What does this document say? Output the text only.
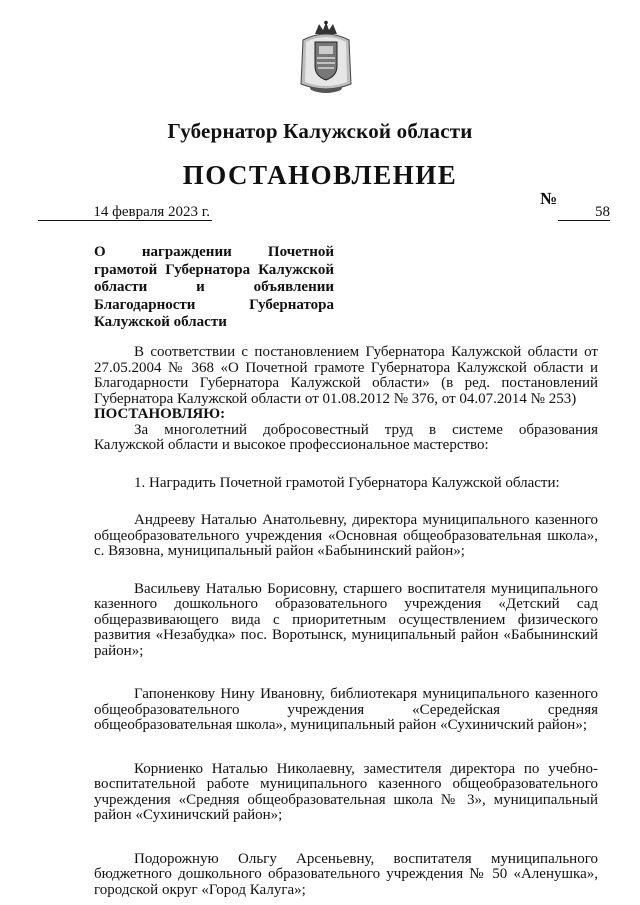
Губернатор Калужской области
ПОСТАНОВЛЕНИЕ
14 февраля 2023 г.
№
58
О награждении Почетной грамотой Губернатора Калужской области и объявлении Благодарности Губернатора Калужской области

В соответствии с постановлением Губернатора Калужской области от 27.05.2004 № 368 «О Почетной грамоте Губернатора Калужской области и Благодарности Губернатора Калужской области» (в ред. постановлений Губернатора Калужской области от 01.08.2012 № 376, от 04.07.2014 № 253)

ПОСТАНОВЛЯЮ:

За многолетний добросовестный труд в системе образования Калужской области и высокое профессиональное мастерство:

1. Наградить Почетной грамотой Губернатора Калужской области:

Андрееву Наталью Анатольевну, директора муниципального казенного общеобразовательного учреждения «Основная общеобразовательная школа», с. Вязовна, муниципальный район «Бабынинский район»;

Васильеву Наталью Борисовну, старшего воспитателя муниципального казенного дошкольного образовательного учреждения «Детский сад общеразвивающего вида с приоритетным осуществлением физического развития «Незабудка» пос. Воротынск, муниципальный район «Бабынинский район»;

Гапоненкову Нину Ивановну, библиотекаря муниципального казенного общеобразовательного учреждения «Середейская средняя общеобразовательная школа», муниципальный район «Сухиничский район»;

Корниенко Наталью Николаевну, заместителя директора по учебно-воспитательной работе муниципального казенного общеобразовательного учреждения «Средняя общеобразовательная школа № 3», муниципальный район «Сухиничский район»;

Подорожную Ольгу Арсеньевну, воспитателя муниципального бюджетного дошкольного образовательного учреждения № 50 «Аленушка», городской округ «Город Калуга»;
